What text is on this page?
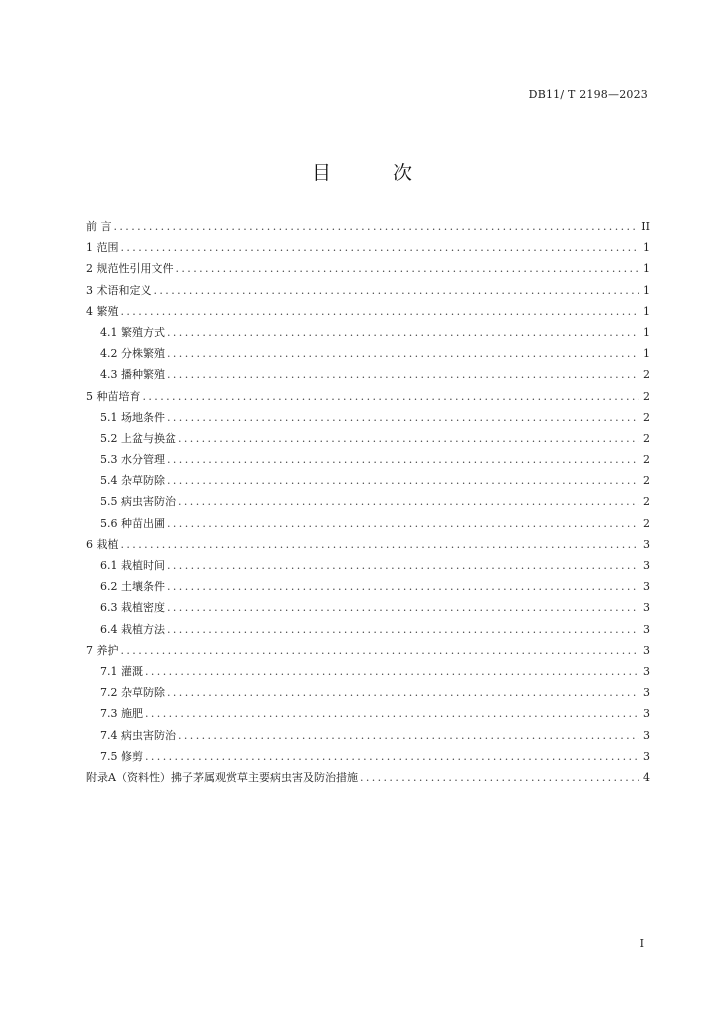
DB11/ T 2198—2023
目 次
前 言 .....	II
1 范围 .....	1
2 规范性引用文件 .....	1
3 术语和定义 .....	1
4 繁殖 .....	1
4.1 繁殖方式 .....	1
4.2 分株繁殖 .....	1
4.3 播种繁殖 .....	2
5 种苗培育 .....	2
5.1 场地条件 .....	2
5.2 上盆与换盆 .....	2
5.3 水分管理 .....	2
5.4 杂草防除 .....	2
5.5 病虫害防治 .....	2
5.6 种苗出圃 .....	2
6 栽植 .....	3
6.1 栽植时间 .....	3
6.2 土壤条件 .....	3
6.3 栽植密度 .....	3
6.4 栽植方法 .....	3
7 养护 .....	3
7.1 灌溉 .....	3
7.2 杂草防除 .....	3
7.3 施肥 .....	3
7.4 病虫害防治 .....	3
7.5 修剪 .....	3
附录A（资料性）拂子茅属观赏草主要病虫害及防治措施 .....	4
I
